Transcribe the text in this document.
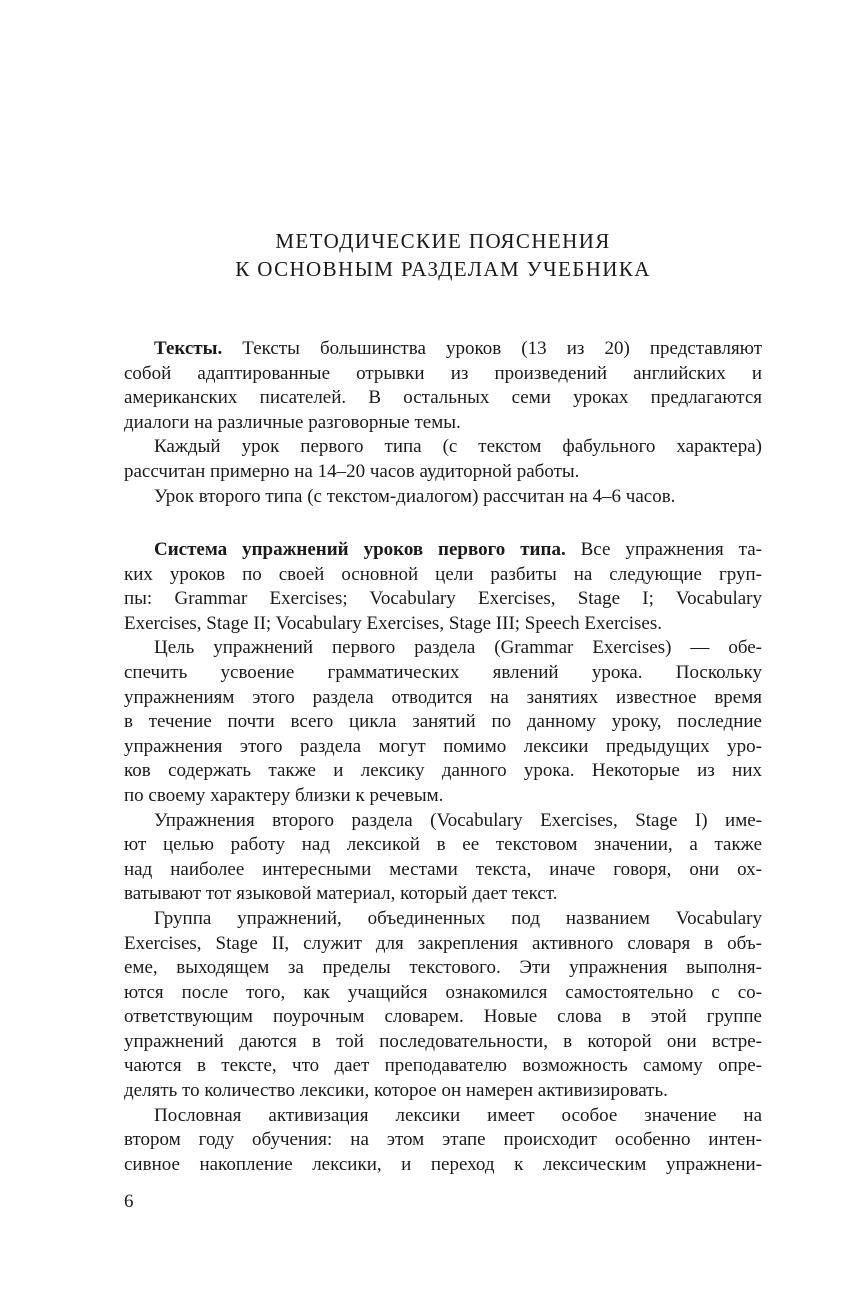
МЕТОДИЧЕСКИЕ ПОЯСНЕНИЯ
К ОСНОВНЫМ РАЗДЕЛАМ УЧЕБНИКА
Тексты. Тексты большинства уроков (13 из 20) представляют
собой адаптированные отрывки из произведений английских и
американских писателей. В остальных семи уроках предлагаются
диалоги на различные разговорные темы.
Каждый урок первого типа (с текстом фабульного характера)
рассчитан примерно на 14–20 часов аудиторной работы.
Урок второго типа (с текстом-диалогом) рассчитан на 4–6 часов.
Система упражнений уроков первого типа. Все упражнения та-
ких уроков по своей основной цели разбиты на следующие груп-
пы: Grammar Exercises; Vocabulary Exercises, Stage I; Vocabulary
Exercises, Stage II; Vocabulary Exercises, Stage III; Speech Exercises.
Цель упражнений первого раздела (Grammar Exercises) — обе-
спечить усвоение грамматических явлений урока. Поскольку
упражнениям этого раздела отводится на занятиях известное время
в течение почти всего цикла занятий по данному уроку, последние
упражнения этого раздела могут помимо лексики предыдущих уро-
ков содержать также и лексику данного урока. Некоторые из них
по своему характеру близки к речевым.
Упражнения второго раздела (Vocabulary Exercises, Stage I) име-
ют целью работу над лексикой в ее текстовом значении, а также
над наиболее интересными местами текста, иначе говоря, они ох-
ватывают тот языковой материал, который дает текст.
Группа упражнений, объединенных под названием Vocabulary
Exercises, Stage II, служит для закрепления активного словаря в объ-
еме, выходящем за пределы текстового. Эти упражнения выполня-
ются после того, как учащийся ознакомился самостоятельно с со-
ответствующим поурочным словарем. Новые слова в этой группе
упражнений даются в той последовательности, в которой они встре-
чаются в тексте, что дает преподавателю возможность самому опре-
делять то количество лексики, которое он намерен активизировать.
Пословная активизация лексики имеет особое значение на
втором году обучения: на этом этапе происходит особенно интен-
сивное накопление лексики, и переход к лексическим упражнени-
6
